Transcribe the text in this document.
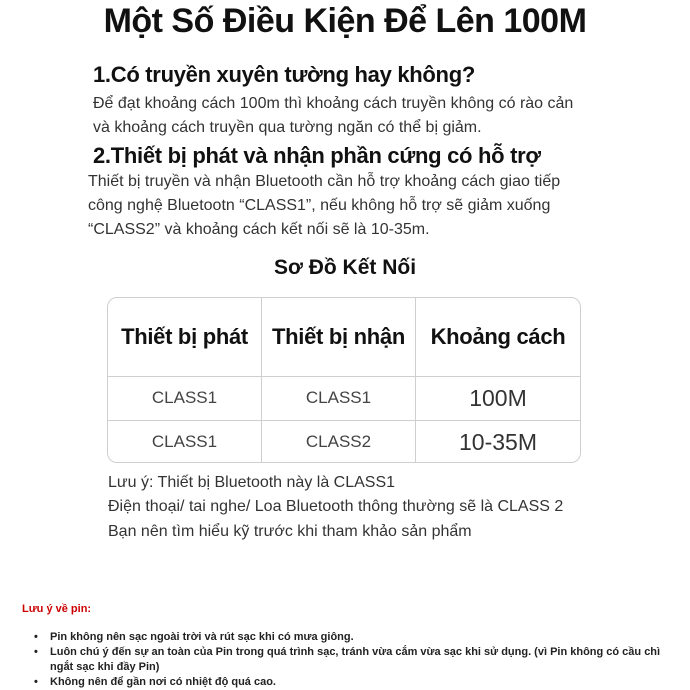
Một Số Điều Kiện Để Lên 100M
1.Có truyền xuyên tường hay không?
Để đạt khoảng cách 100m thì khoảng cách truyền không có rào cản
và khoảng cách truyền qua tường ngăn có thể bị giảm.
2.Thiết bị phát và nhận phần cứng có hỗ trợ
Thiết bị truyền và nhận Bluetooth cần hỗ trợ khoảng cách giao tiếp
công nghệ Bluetootn “CLASS1”, nếu không hỗ trợ sẽ giảm xuống
“CLASS2” và khoảng cách kết nối sẽ là 10-35m.
Sơ Đồ Kết Nối
Thiết bị phát	Thiết bị nhận	Khoảng cách
CLASS1	CLASS1	100M
CLASS1	CLASS2	10-35M
Lưu ý: Thiết bị Bluetooth này là CLASS1
Điện thoại/ tai nghe/ Loa Bluetooth thông thường sẽ là CLASS 2
Bạn nên tìm hiểu kỹ trước khi tham khảo sản phẩm
Lưu ý về pin:
• Pin không nên sạc ngoài trời và rút sạc khi có mưa giông.
• Luôn chú ý đến sự an toàn của Pin trong quá trình sạc, tránh vừa cắm vừa sạc khi sử dụng. (vì Pin không có cầu chì ngắt sạc khi đầy Pin)
• Không nên để gần nơi có nhiệt độ quá cao.
